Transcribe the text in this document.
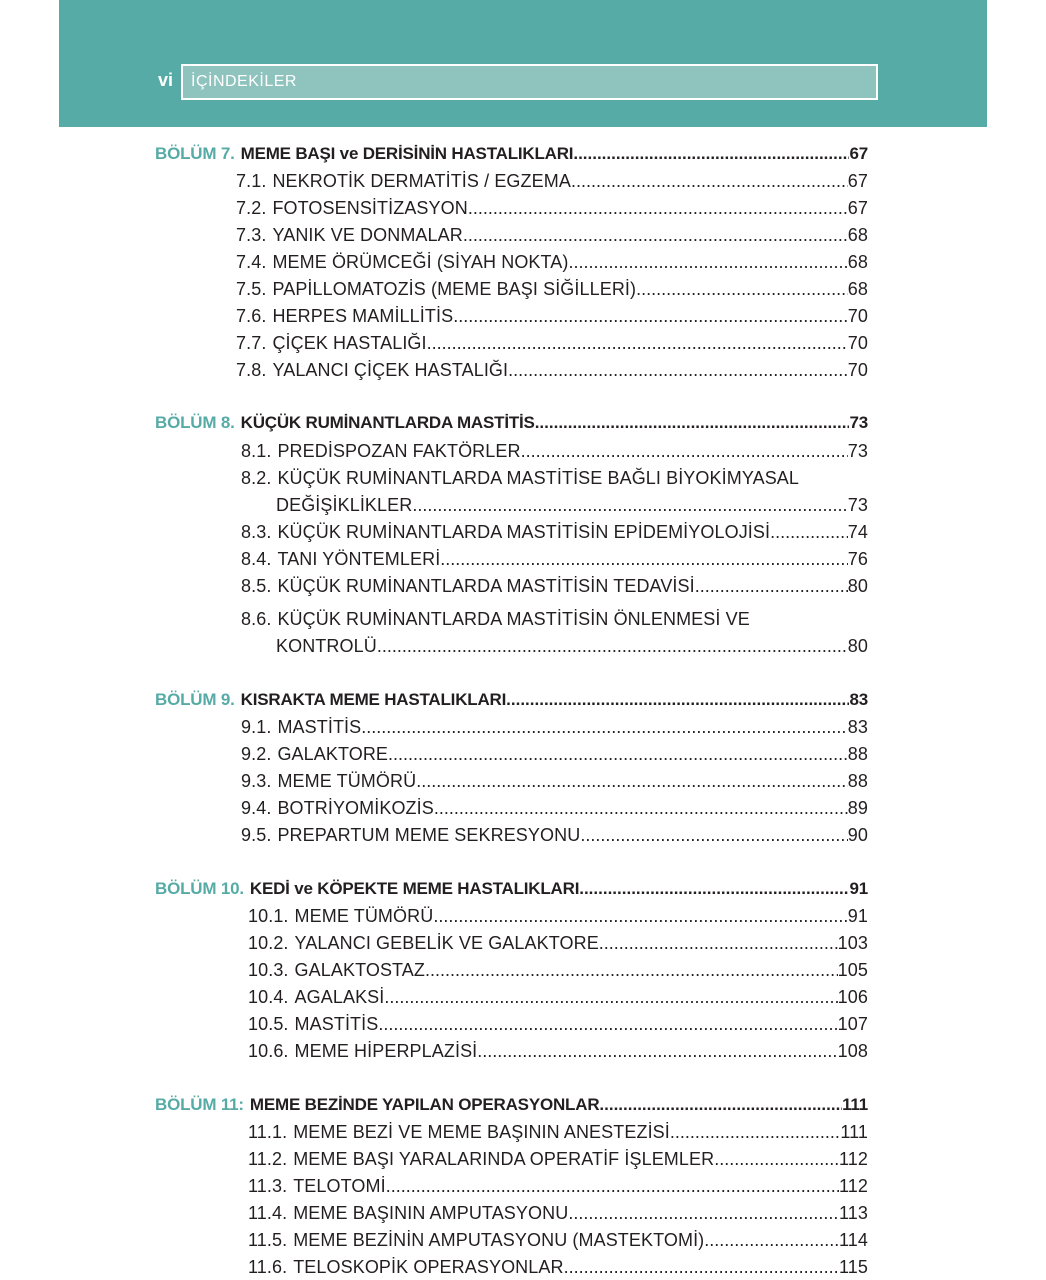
vi İÇİNDEKİLER
BÖLÜM 7. MEME BAŞI ve DERİSİNİN HASTALIKLARI .....	67
7.1. NEKROTİK DERMATİTİS / EGZEMA .....	67
7.2. FOTOSENSİTİZASYON .....	67
7.3. YANIK VE DONMALAR .....	68
7.4. MEME ÖRÜMCEĞİ (SİYAH NOKTA) .....	68
7.5. PAPİLLOMATOZİS (MEME BAŞI SİĞİLLERİ) .....	68
7.6. HERPES MAMİLLİTİS .....	70
7.7. ÇİÇEK HASTALIĞI .....	70
7.8. YALANCI ÇİÇEK HASTALIĞI .....	70
BÖLÜM 8. KÜÇÜK RUMİNANTLARDA MASTİTİS .....	73
8.1. PREDİSPOZAN FAKTÖRLER .....	73
8.2. KÜÇÜK RUMİNANTLARDA MASTİTİSE BAĞLI BİYOKİMYASAL
DEĞİŞİKLİKLER .....	73
8.3. KÜÇÜK RUMİNANTLARDA MASTİTİSİN EPİDEMİYOLOJİSİ .....	74
8.4. TANI YÖNTEMLERİ .....	76
8.5. KÜÇÜK RUMİNANTLARDA MASTİTİSİN TEDAVİSİ .....	80
8.6. KÜÇÜK RUMİNANTLARDA MASTİTİSİN ÖNLENMESİ VE
KONTROLÜ .....	80
BÖLÜM 9. KISRAKTA MEME HASTALIKLARI .....	83
9.1. MASTİTİS .....	83
9.2. GALAKTORE .....	88
9.3. MEME TÜMÖRÜ .....	88
9.4. BOTRİYOMİKOZİS .....	89
9.5. PREPARTUM MEME SEKRESYONU .....	90
BÖLÜM 10. KEDİ ve KÖPEKTE MEME HASTALIKLARI .....	91
10.1. MEME TÜMÖRÜ .....	91
10.2. YALANCI GEBELİK VE GALAKTORE .....	103
10.3. GALAKTOSTAZ .....	105
10.4. AGALAKSİ .....	106
10.5. MASTİTİS .....	107
10.6. MEME HİPERPLAZİSİ .....	108
BÖLÜM 11: MEME BEZİNDE YAPILAN OPERASYONLAR .....	111
11.1. MEME BEZİ VE MEME BAŞININ ANESTEZİSİ .....	111
11.2. MEME BAŞI YARALARINDA OPERATİF İŞLEMLER .....	112
11.3. TELOTOMİ .....	112
11.4. MEME BAŞININ AMPUTASYONU .....	113
11.5. MEME BEZİNİN AMPUTASYONU (MASTEKTOMİ) .....	114
11.6. TELOSKOPİK OPERASYONLAR .....	115
